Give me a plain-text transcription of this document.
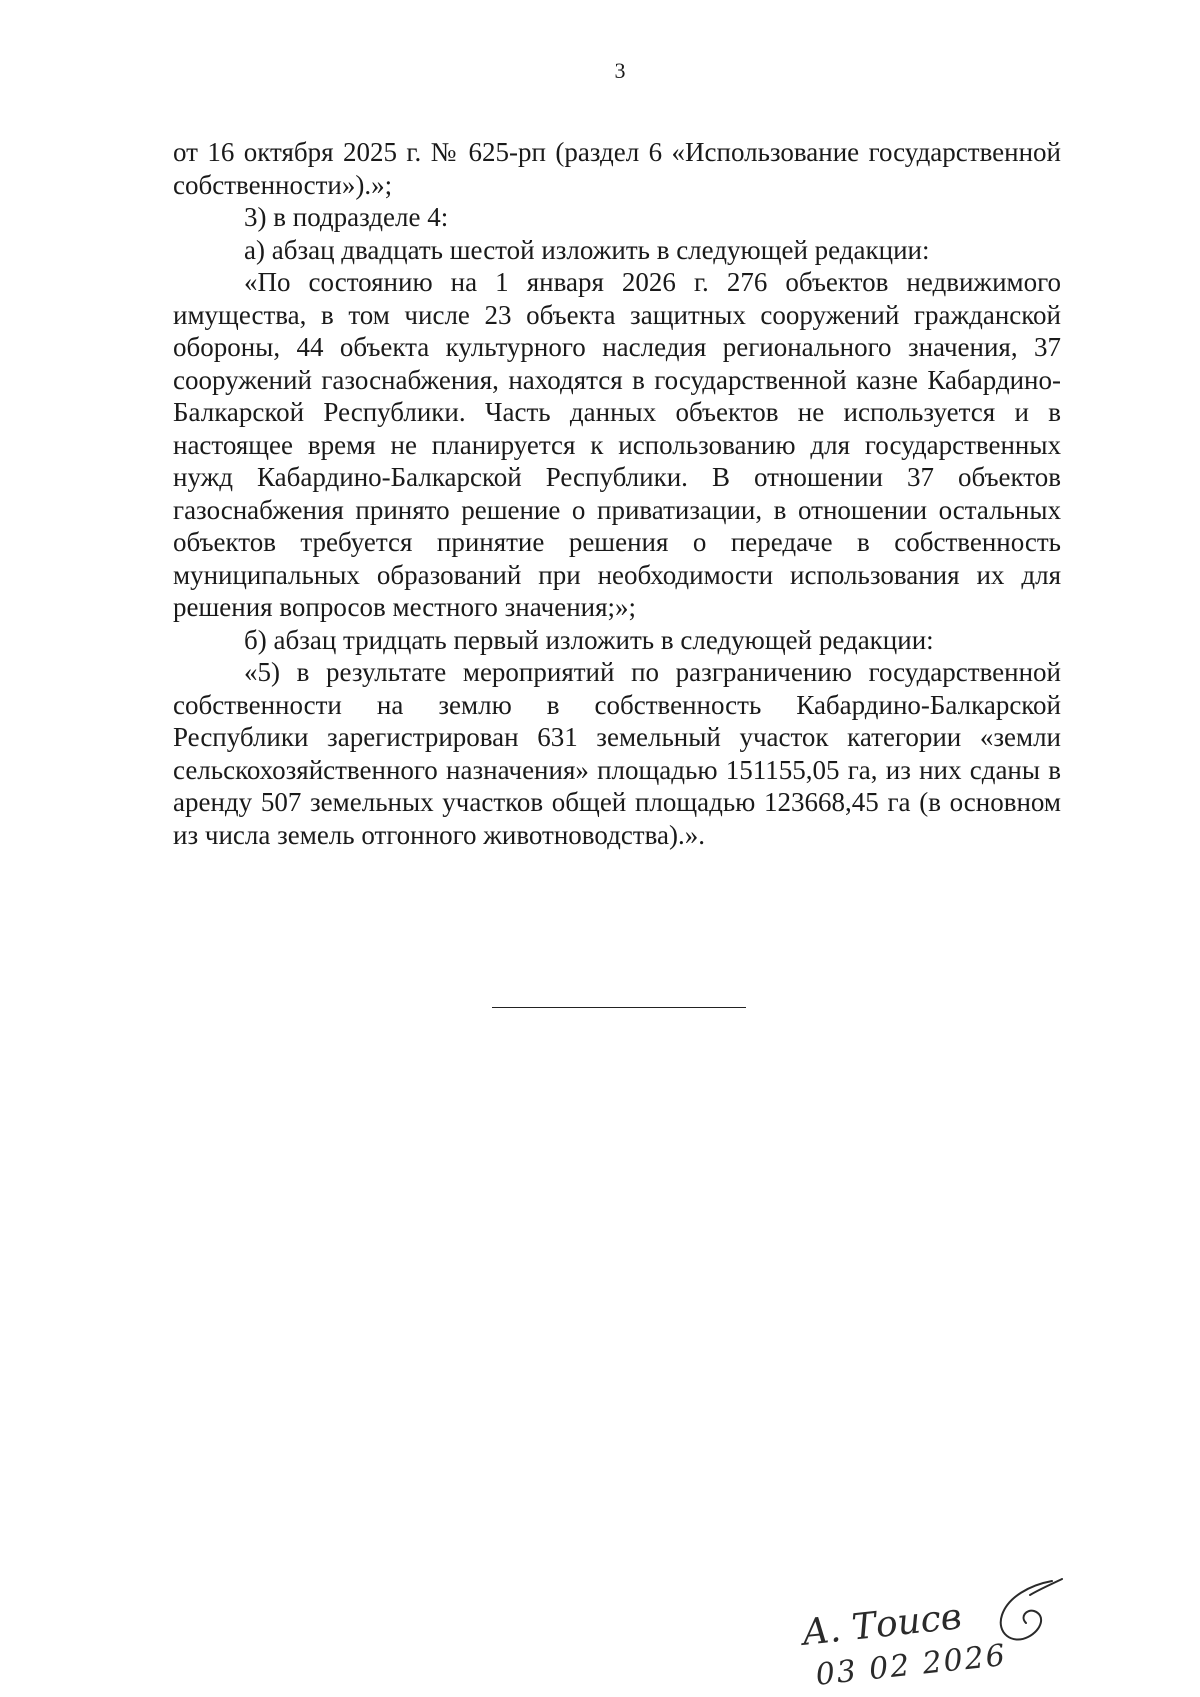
3

от 16 октября 2025 г. № 625-рп (раздел 6 «Использование государственной собственности»).»;

3) в подразделе 4:

а) абзац двадцать шестой изложить в следующей редакции:

«По состоянию на 1 января 2026 г. 276 объектов недвижимого имущества, в том числе 23 объекта защитных сооружений гражданской обороны, 44 объекта культурного наследия регионального значения, 37 сооружений газоснабжения, находятся в государственной казне Кабардино-Балкарской Республики. Часть данных объектов не используется и в настоящее время не планируется к использованию для государственных нужд Кабардино-Балкарской Республики. В отношении 37 объектов газоснабжения принято решение о приватизации, в отношении остальных объектов требуется принятие решения о передаче в собственность муниципальных образований при необходимости использования их для решения вопросов местного значения;»;

б) абзац тридцать первый изложить в следующей редакции:

«5) в результате мероприятий по разграничению государственной собственности на землю в собственность Кабардино-Балкарской Республики зарегистрирован 631 земельный участок категории «земли сельскохозяйственного назначения» площадью 151155,05 га, из них сданы в аренду 507 земельных участков общей площадью 123668,45 га (в основном из числа земель отгонного животноводства).».

А. Тоисв
03 02 2026
